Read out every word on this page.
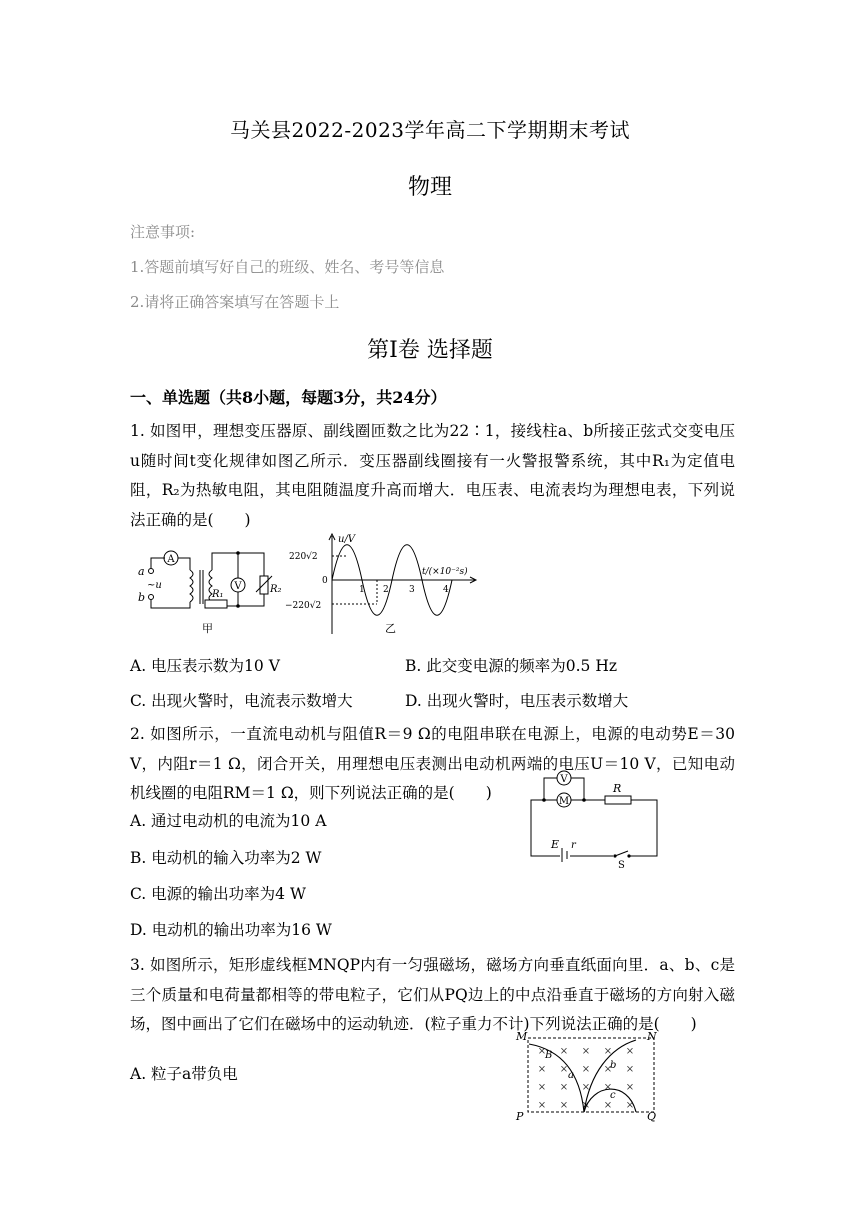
马关县2022-2023学年高二下学期期末考试
物理
注意事项:
1.答题前填写好自己的班级、姓名、考号等信息
2.请将正确答案填写在答题卡上
第Ⅰ卷 选择题
一、单选题（共8小题，每题3分，共24分）
1. 如图甲，理想变压器原、副线圈匝数之比为22∶1，接线柱a、b所接正弦式交变电压u随时间t变化规律如图乙所示．变压器副线圈接有一火警报警系统，其中R₁为定值电阻，R₂为热敏电阻，其电阻随温度升高而增大．电压表、电流表均为理想电表，下列说法正确的是(　　)
A
V
a
b
~u
R₁	R₂
甲
u/V
220√2
0
−220√2
t/(×10⁻²s)
1 2 3	4
乙
A. 电压表示数为10 V	B. 此交变电源的频率为0.5 Hz
C. 出现火警时，电流表示数增大	D. 出现火警时，电压表示数增大
2. 如图所示，一直流电动机与阻值R＝9 Ω的电阻串联在电源上，电源的电动势E＝30 V，内阻r＝1 Ω，闭合开关，用理想电压表测出电动机两端的电压U＝10 V，已知电动机线圈的电阻RM＝1 Ω，则下列说法正确的是(　　)
V
M
R
E r
S
A. 通过电动机的电流为10 A
B. 电动机的输入功率为2 W
C. 电源的输出功率为4 W
D. 电动机的输出功率为16 W
3. 如图所示，矩形虚线框MNQP内有一匀强磁场，磁场方向垂直纸面向里．a、b、c是三个质量和电荷量都相等的带电粒子，它们从PQ边上的中点沿垂直于磁场的方向射入磁场，图中画出了它们在磁场中的运动轨迹．(粒子重力不计)下列说法正确的是(　　)
× × × × ×
× × × × ×
× × × × ×
× × × × ×
M	N
P	Q
B
a
b
c
A. 粒子a带负电
